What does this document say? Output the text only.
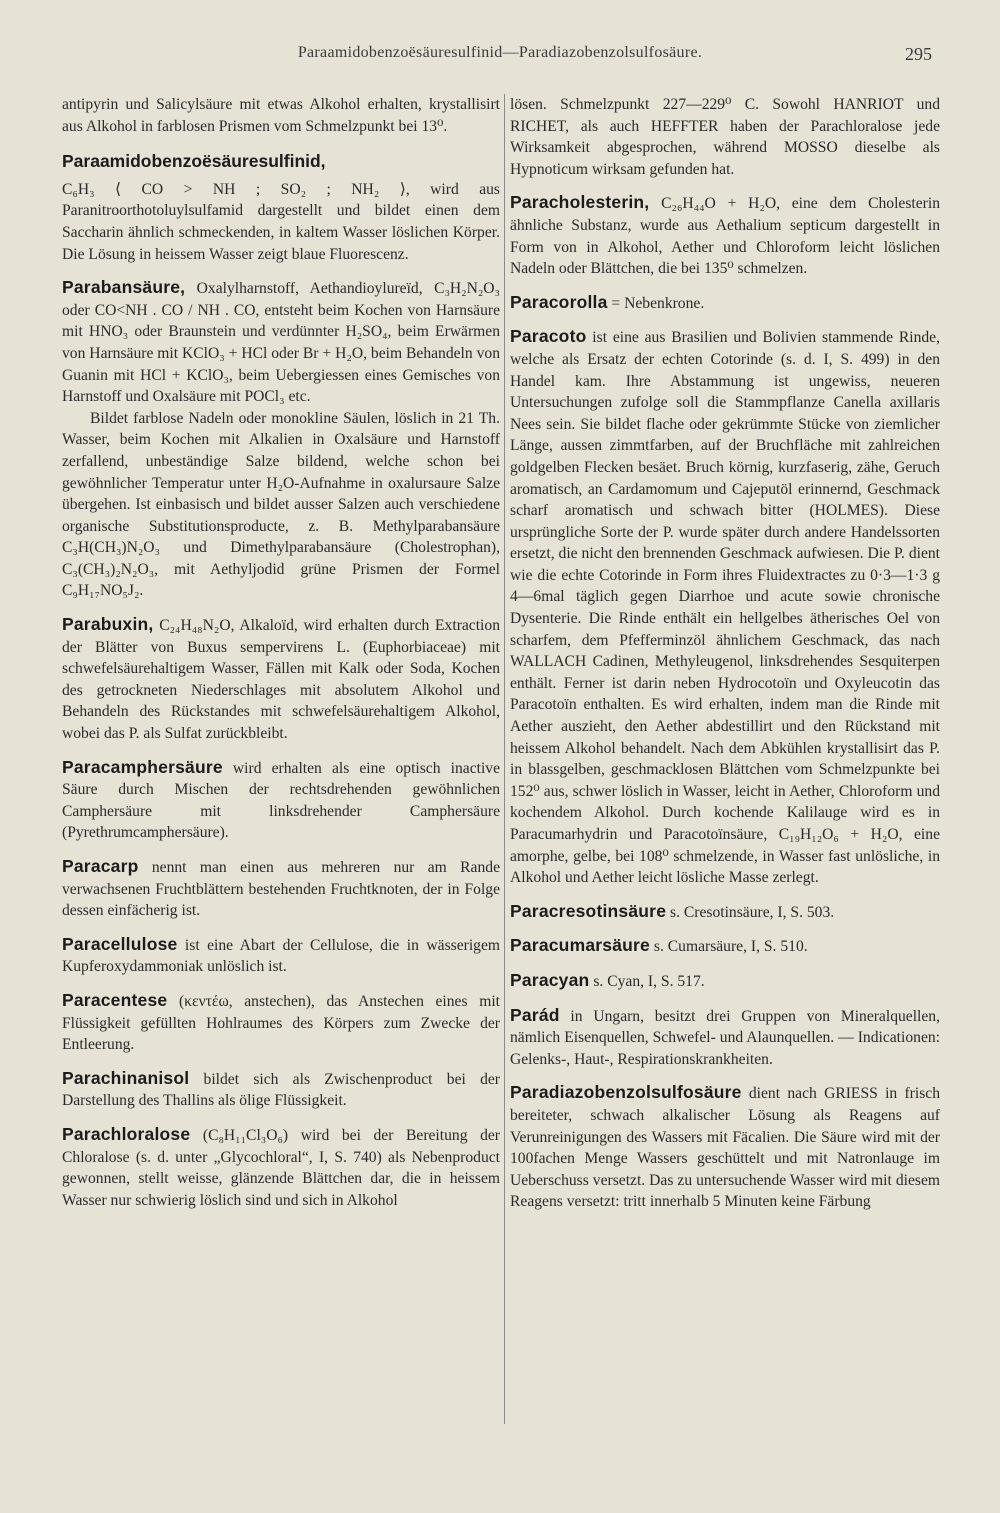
Paraamidobenzoësäuresulfinid—Paradiazobenzolsulfosäure.	295

antipyrin und Salicylsäure mit etwas Alkohol erhalten, krystallisirt aus Alkohol in farblosen Prismen vom Schmelzpunkt bei 13⁰.

Paraamidobenzoësäuresulfinid,

C₆H₃ ⟨ CO > NH ; SO₂ ; NH₂ ⟩, wird aus Paranitroorthotoluylsulfamid dargestellt und bildet einen dem Saccharin ähnlich schmeckenden, in kaltem Wasser löslichen Körper. Die Lösung in heissem Wasser zeigt blaue Fluorescenz.

Parabansäure, Oxalylharnstoff, Aethandioylureïd, C₃H₂N₂O₃ oder CO<NH . CO / NH . CO, entsteht beim Kochen von Harnsäure mit HNO₃ oder Braunstein und verdünnter H₂SO₄, beim Erwärmen von Harnsäure mit KClO₃ + HCl oder Br + H₂O, beim Behandeln von Guanin mit HCl + KClO₃, beim Uebergiessen eines Gemisches von Harnstoff und Oxalsäure mit POCl₃ etc.

Bildet farblose Nadeln oder monokline Säulen, löslich in 21 Th. Wasser, beim Kochen mit Alkalien in Oxalsäure und Harnstoff zerfallend, unbeständige Salze bildend, welche schon bei gewöhnlicher Temperatur unter H₂O-Aufnahme in oxalursaure Salze übergehen. Ist einbasisch und bildet ausser Salzen auch verschiedene organische Substitutionsproducte, z. B. Methylparabansäure C₃H(CH₃)N₂O₃ und Dimethylparabansäure (Cholestrophan), C₃(CH₃)₂N₂O₃, mit Aethyljodid grüne Prismen der Formel C₉H₁₇NO₅J₂.

Parabuxin, C₂₄H₄₈N₂O, Alkaloïd, wird erhalten durch Extraction der Blätter von Buxus sempervirens L. (Euphorbiaceae) mit schwefelsäurehaltigem Wasser, Fällen mit Kalk oder Soda, Kochen des getrockneten Niederschlages mit absolutem Alkohol und Behandeln des Rückstandes mit schwefelsäurehaltigem Alkohol, wobei das P. als Sulfat zurückbleibt.

Paracamphersäure wird erhalten als eine optisch inactive Säure durch Mischen der rechtsdrehenden gewöhnlichen Camphersäure mit linksdrehender Camphersäure (Pyrethrumcamphersäure).

Paracarp nennt man einen aus mehreren nur am Rande verwachsenen Fruchtblättern bestehenden Fruchtknoten, der in Folge dessen einfächerig ist.

Paracellulose ist eine Abart der Cellulose, die in wässerigem Kupferoxydammoniak unlöslich ist.

Paracentese (κεντέω, anstechen), das Anstechen eines mit Flüssigkeit gefüllten Hohlraumes des Körpers zum Zwecke der Entleerung.

Parachinanisol bildet sich als Zwischenproduct bei der Darstellung des Thallins als ölige Flüssigkeit.

Parachloralose (C₈H₁₁Cl₃O₆) wird bei der Bereitung der Chloralose (s. d. unter „Glycochloral“, I, S. 740) als Nebenproduct gewonnen, stellt weisse, glänzende Blättchen dar, die in heissem Wasser nur schwierig löslich sind und sich in Alkohol

lösen. Schmelzpunkt 227—229⁰ C. Sowohl HANRIOT und RICHET, als auch HEFFTER haben der Parachloralose jede Wirksamkeit abgesprochen, während MOSSO dieselbe als Hypnoticum wirksam gefunden hat.

Paracholesterin, C₂₆H₄₄O + H₂O, eine dem Cholesterin ähnliche Substanz, wurde aus Aethalium septicum dargestellt in Form von in Alkohol, Aether und Chloroform leicht löslichen Nadeln oder Blättchen, die bei 135⁰ schmelzen.

Paracorolla = Nebenkrone.

Paracoto ist eine aus Brasilien und Bolivien stammende Rinde, welche als Ersatz der echten Cotorinde (s. d. I, S. 499) in den Handel kam. Ihre Abstammung ist ungewiss, neueren Untersuchungen zufolge soll die Stammpflanze Canella axillaris Nees sein. Sie bildet flache oder gekrümmte Stücke von ziemlicher Länge, aussen zimmtfarben, auf der Bruchfläche mit zahlreichen goldgelben Flecken besäet. Bruch körnig, kurzfaserig, zähe, Geruch aromatisch, an Cardamomum und Cajeputöl erinnernd, Geschmack scharf aromatisch und schwach bitter (HOLMES). Diese ursprüngliche Sorte der P. wurde später durch andere Handelssorten ersetzt, die nicht den brennenden Geschmack aufwiesen. Die P. dient wie die echte Cotorinde in Form ihres Fluidextractes zu 0·3—1·3 g 4—6mal täglich gegen Diarrhoe und acute sowie chronische Dysenterie. Die Rinde enthält ein hellgelbes ätherisches Oel von scharfem, dem Pfefferminzöl ähnlichem Geschmack, das nach WALLACH Cadinen, Methyleugenol, linksdrehendes Sesquiterpen enthält. Ferner ist darin neben Hydrocotoïn und Oxyleucotin das Paracotoïn enthalten. Es wird erhalten, indem man die Rinde mit Aether auszieht, den Aether abdestillirt und den Rückstand mit heissem Alkohol behandelt. Nach dem Abkühlen krystallisirt das P. in blassgelben, geschmacklosen Blättchen vom Schmelzpunkte bei 152⁰ aus, schwer löslich in Wasser, leicht in Aether, Chloroform und kochendem Alkohol. Durch kochende Kalilauge wird es in Paracumarhydrin und Paracotoïnsäure, C₁₉H₁₂O₆ + H₂O, eine amorphe, gelbe, bei 108⁰ schmelzende, in Wasser fast unlösliche, in Alkohol und Aether leicht lösliche Masse zerlegt.

Paracresotinsäure s. Cresotinsäure, I, S. 503.

Paracumarsäure s. Cumarsäure, I, S. 510.

Paracyan s. Cyan, I, S. 517.

Parád in Ungarn, besitzt drei Gruppen von Mineralquellen, nämlich Eisenquellen, Schwefel- und Alaunquellen. — Indicationen: Gelenks-, Haut-, Respirationskrankheiten.

Paradiazobenzolsulfosäure dient nach GRIESS in frisch bereiteter, schwach alkalischer Lösung als Reagens auf Verunreinigungen des Wassers mit Fäcalien. Die Säure wird mit der 100fachen Menge Wassers geschüttelt und mit Natronlauge im Ueberschuss versetzt. Das zu untersuchende Wasser wird mit diesem Reagens versetzt: tritt innerhalb 5 Minuten keine Färbung
